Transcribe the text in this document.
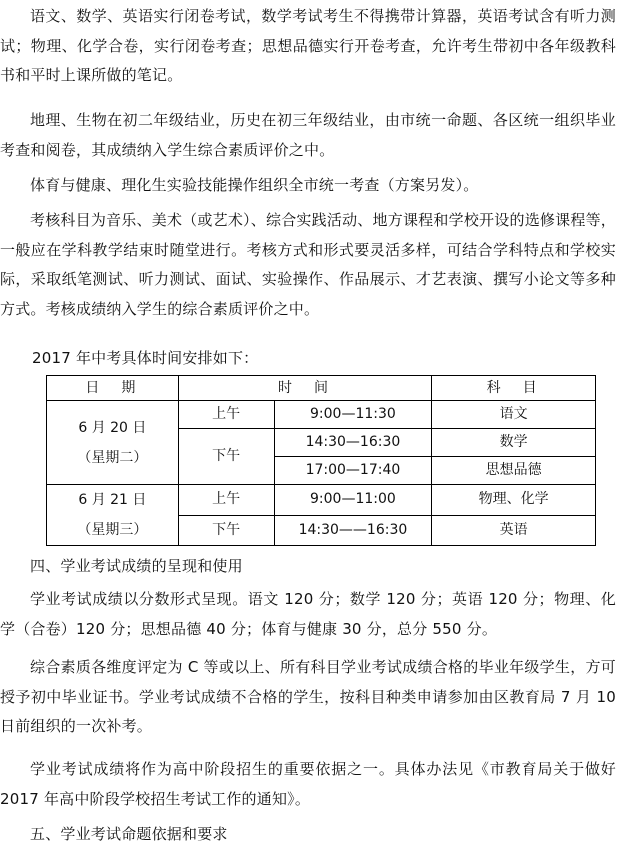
语文、数学、英语实行闭卷考试，数学考试考生不得携带计算器，英语考试含有听力测试；物理、化学合卷，实行闭卷考查；思想品德实行开卷考查，允许考生带初中各年级教科书和平时上课所做的笔记。

地理、生物在初二年级结业，历史在初三年级结业，由市统一命题、各区统一组织毕业考查和阅卷，其成绩纳入学生综合素质评价之中。

体育与健康、理化生实验技能操作组织全市统一考查（方案另发）。

考核科目为音乐、美术（或艺术）、综合实践活动、地方课程和学校开设的选修课程等，一般应在学科教学结束时随堂进行。考核方式和形式要灵活多样，可结合学科特点和学校实际，采取纸笔测试、听力测试、面试、实验操作、作品展示、才艺表演、撰写小论文等多种方式。考核成绩纳入学生的综合素质评价之中。

2017 年中考具体时间安排如下：

日　期	时　间		科　目

6 月 20 日
（星期二）	上午	9:00—11:30	语文
	下午	14:30—16:30	数学
		17:00—17:40	思想品德

6 月 21 日
（星期三）	上午	9:00—11:00	物理、化学
	下午	14:30——16:30	英语

四、学业考试成绩的呈现和使用

学业考试成绩以分数形式呈现。语文 120 分；数学 120 分；英语 120 分；物理、化学（合卷）120 分；思想品德 40 分；体育与健康 30 分，总分 550 分。

综合素质各维度评定为 C 等或以上、所有科目学业考试成绩合格的毕业年级学生，方可授予初中毕业证书。学业考试成绩不合格的学生，按科目种类申请参加由区教育局 7 月 10 日前组织的一次补考。

学业考试成绩将作为高中阶段招生的重要依据之一。具体办法见《市教育局关于做好 2017 年高中阶段学校招生考试工作的通知》。

五、学业考试命题依据和要求
